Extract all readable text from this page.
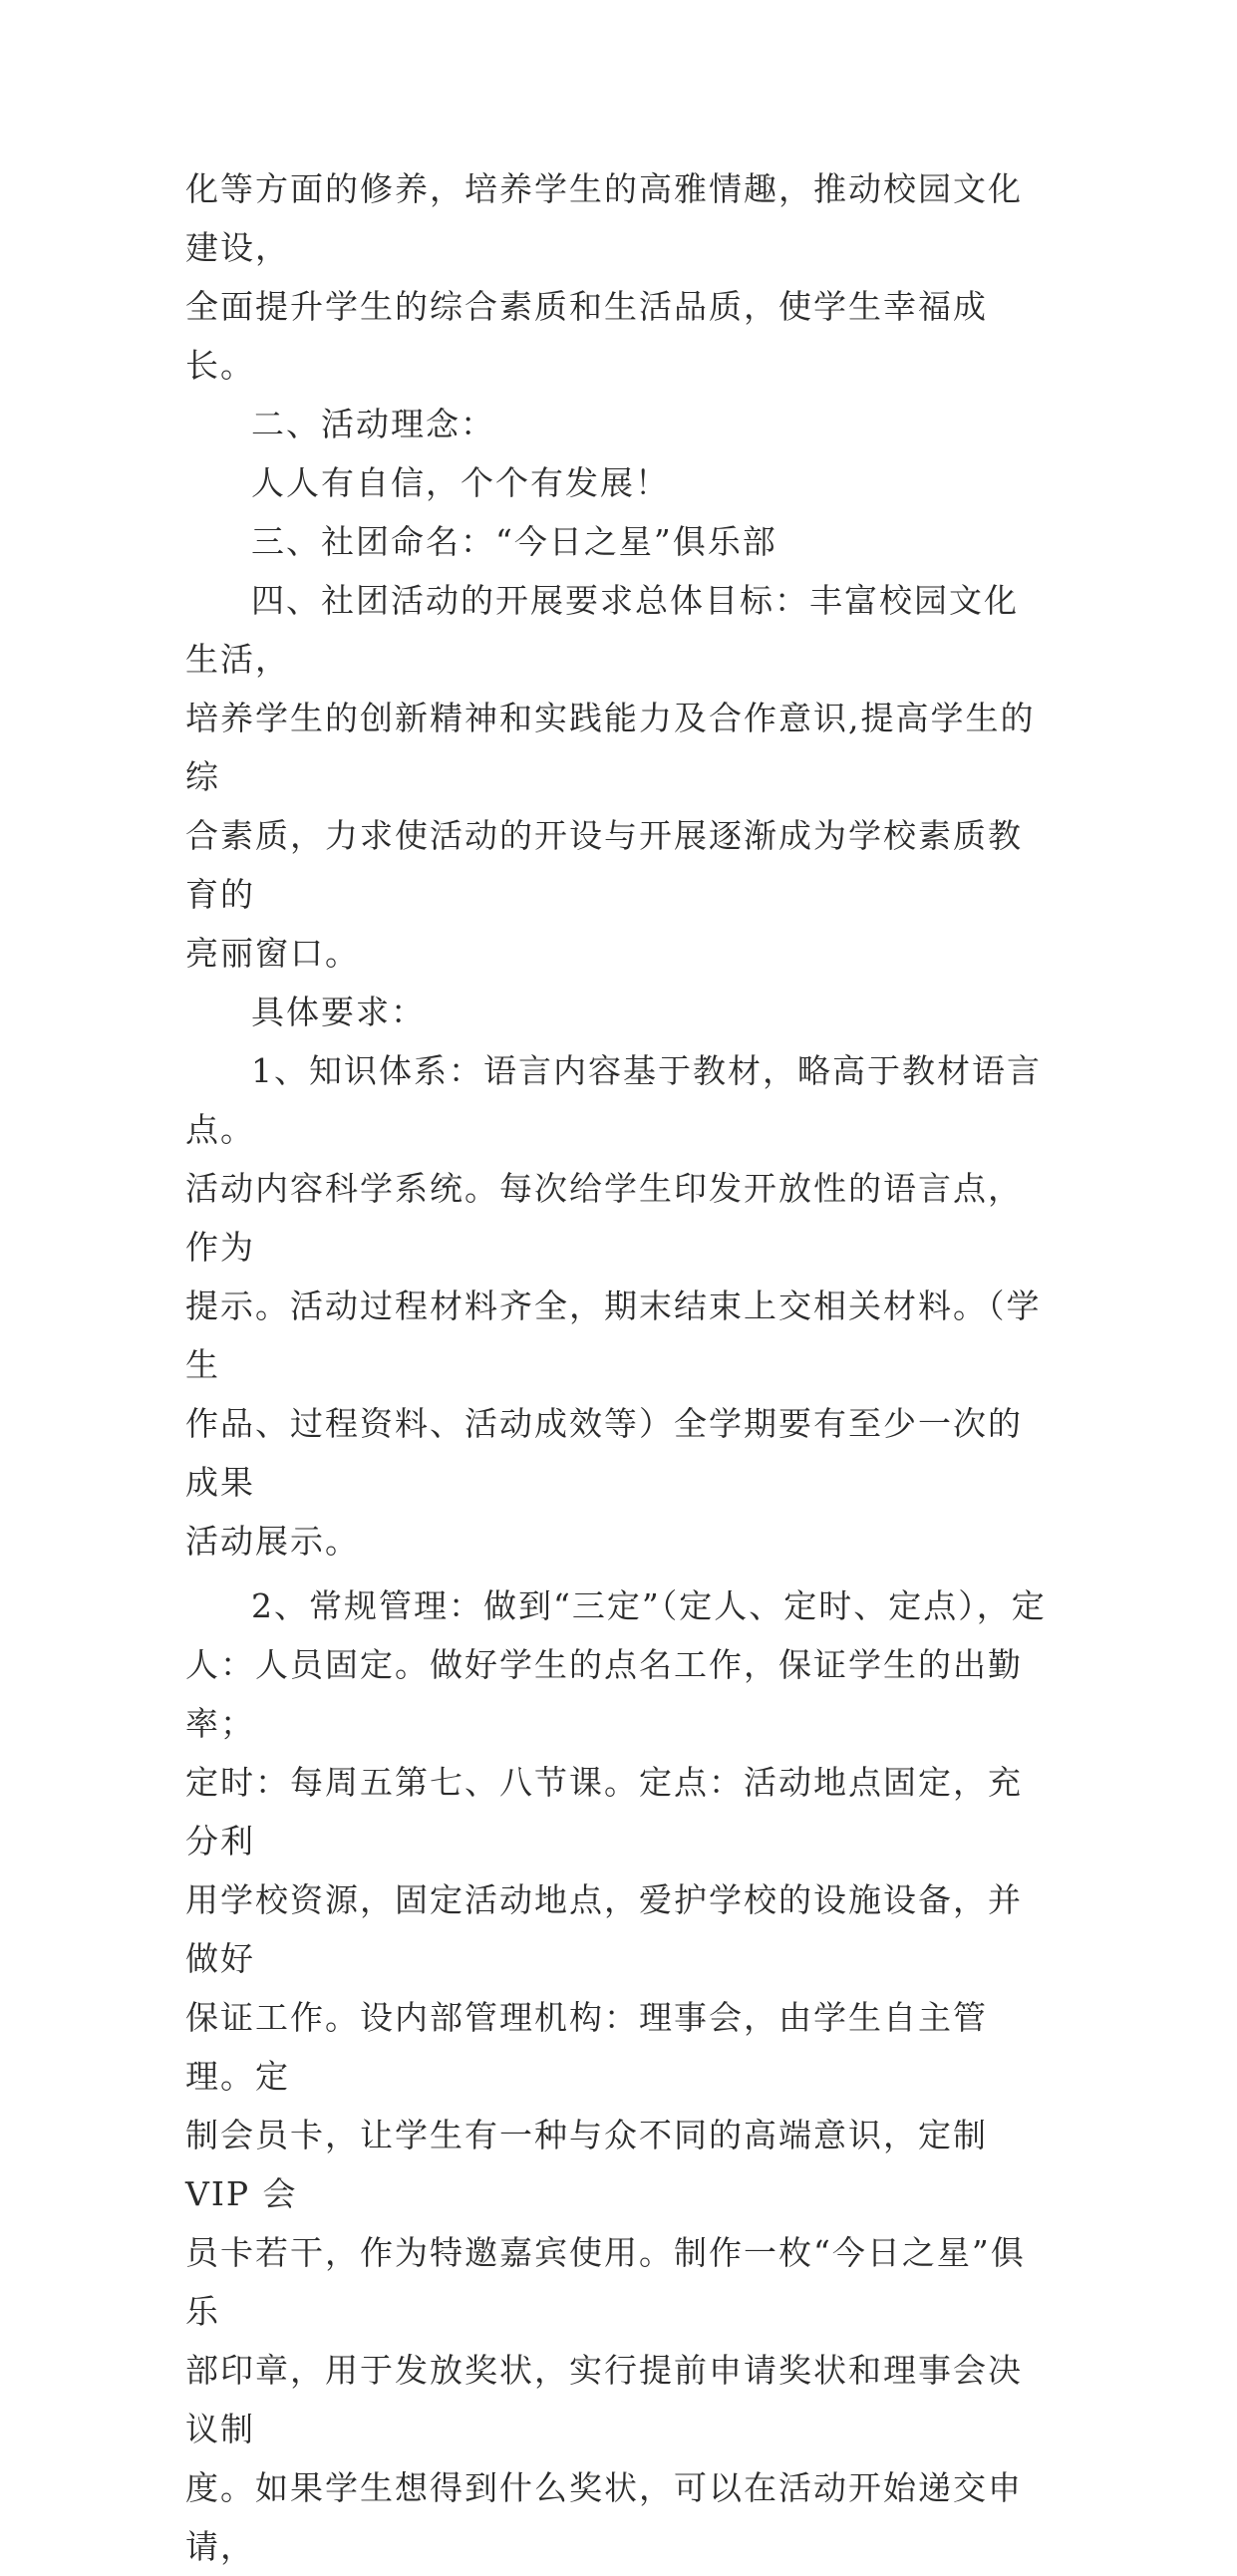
化等方面的修养，培养学生的高雅情趣，推动校园文化建设，
全面提升学生的综合素质和生活品质，使学生幸福成长。
二、活动理念：
人人有自信，个个有发展！
三、社团命名：“今日之星”俱乐部
四、社团活动的开展要求总体目标：丰富校园文化生活，
培养学生的创新精神和实践能力及合作意识,提高学生的综
合素质，力求使活动的开设与开展逐渐成为学校素质教育的
亮丽窗口。
具体要求：
1、知识体系：语言内容基于教材，略高于教材语言点。
活动内容科学系统。每次给学生印发开放性的语言点，作为
提示。活动过程材料齐全，期末结束上交相关材料。（学生
作品、过程资料、活动成效等）全学期要有至少一次的成果
活动展示。
2、常规管理：做到“三定”（定人、定时、定点），定
人：人员固定。做好学生的点名工作，保证学生的出勤率；
定时：每周五第七、八节课。定点：活动地点固定，充分利
用学校资源，固定活动地点，爱护学校的设施设备，并做好
保证工作。设内部管理机构：理事会，由学生自主管理。定
制会员卡，让学生有一种与众不同的高端意识，定制 VIP 会
员卡若干，作为特邀嘉宾使用。制作一枚“今日之星”俱乐
部印章，用于发放奖状，实行提前申请奖状和理事会决议制
度。如果学生想得到什么奖状，可以在活动开始递交申请，
